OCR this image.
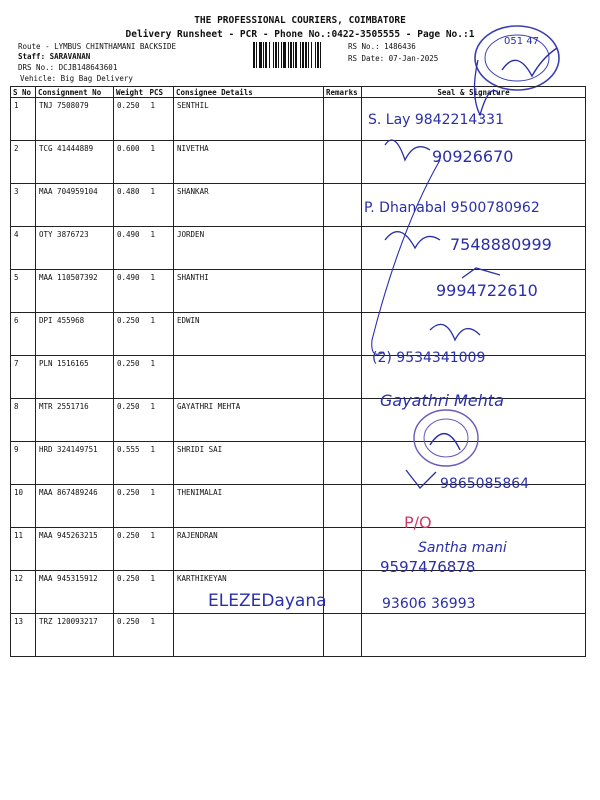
THE PROFESSIONAL COURIERS, COIMBATORE
Delivery Runsheet - PCR - Phone No.:0422-3505555 - Page No.:1
Route - LYMBUS CHINTHAMANI BACKSIDE
Staff: SARAVANAN
DRS No.: DCJB148643601
Vehicle: Big Bag Delivery
RS No.: 1486436
RS Date: 07-Jan-2025
051 47
S No	Consignment No	Weight	PCS	Consignee Details	Remarks	Seal & Signature
1	TNJ 7508079	0.250	1	SENTHIL		
2	TCG 41444889	0.600	1	NIVETHA		
3	MAA 704959104	0.480	1	SHANKAR		
4	OTY 3876723	0.490	1	JORDEN		
5	MAA 110507392	0.490	1	SHANTHI		
6	DPI 455968	0.250	1	EDWIN		
7	PLN 1516165	0.250	1			
8	MTR 2551716	0.250	1	GAYATHRI MEHTA		
9	HRD 324149751	0.555	1	SHRIDI SAI		
10	MAA 867489246	0.250	1	THENIMALAI		
11	MAA 945263215	0.250	1	RAJENDRAN		
12	MAA 945315912	0.250	1	KARTHIKEYAN		
13	TRZ 120093217	0.250	1			
S. Lay 9842214331
90926670
P. Dhanabal 9500780962
7548880999
9994722610
(2) 9534341009
Gayathri Mehta
9865085864
P/O
Santha mani
9597476878
ELEZEDayana	93606 36993
